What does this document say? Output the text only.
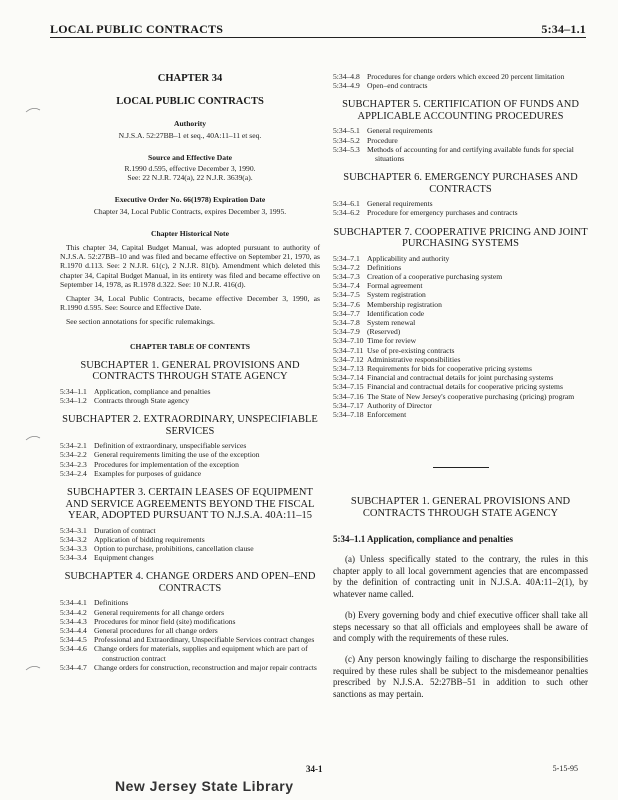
LOCAL PUBLIC CONTRACTS	5:34–1.1
CHAPTER 34
LOCAL PUBLIC CONTRACTS
Authority
N.J.S.A. 52:27BB–1 et seq., 40A:11–11 et seq.
Source and Effective Date
R.1990 d.595, effective December 3, 1990.
See: 22 N.J.R. 724(a), 22 N.J.R. 3639(a).
Executive Order No. 66(1978) Expiration Date
Chapter 34, Local Public Contracts, expires December 3, 1995.
Chapter Historical Note
This chapter 34, Capital Budget Manual, was adopted pursuant to authority of N.J.S.A. 52:27BB–10 and was filed and became effective on September 21, 1970, as R.1970 d.113. See: 2 N.J.R. 61(c), 2 N.J.R. 81(b). Amendment which deleted this chapter 34, Capital Budget Manual, in its entirety was filed and became effective on September 14, 1978, as R.1978 d.322. See: 10 N.J.R. 416(d).
Chapter 34, Local Public Contracts, became effective December 3, 1990, as R.1990 d.595. See: Source and Effective Date.
See section annotations for specific rulemakings.
CHAPTER TABLE OF CONTENTS
SUBCHAPTER 1. GENERAL PROVISIONS AND CONTRACTS THROUGH STATE AGENCY
5:34–1.1 Application, compliance and penalties
5:34–1.2 Contracts through State agency
SUBCHAPTER 2. EXTRAORDINARY, UNSPECIFIABLE SERVICES
5:34–2.1 Definition of extraordinary, unspecifiable services
5:34–2.2 General requirements limiting the use of the exception
5:34–2.3 Procedures for implementation of the exception
5:34–2.4 Examples for purposes of guidance
SUBCHAPTER 3. CERTAIN LEASES OF EQUIPMENT AND SERVICE AGREEMENTS BEYOND THE FISCAL YEAR, ADOPTED PURSUANT TO N.J.S.A. 40A:11–15
5:34–3.1 Duration of contract
5:34–3.2 Application of bidding requirements
5:34–3.3 Option to purchase, prohibitions, cancellation clause
5:34–3.4 Equipment changes
SUBCHAPTER 4. CHANGE ORDERS AND OPEN–END CONTRACTS
5:34–4.1 Definitions
5:34–4.2 General requirements for all change orders
5:34–4.3 Procedures for minor field (site) modifications
5:34–4.4 General procedures for all change orders
5:34–4.5 Professional and Extraordinary, Unspecifiable Services contract changes
5:34–4.6 Change orders for materials, supplies and equipment which are part of construction contract
5:34–4.7 Change orders for construction, reconstruction and major repair contracts
5:34–4.8 Procedures for change orders which exceed 20 percent limitation
5:34–4.9 Open–end contracts
SUBCHAPTER 5. CERTIFICATION OF FUNDS AND APPLICABLE ACCOUNTING PROCEDURES
5:34–5.1 General requirements
5:34–5.2 Procedure
5:34–5.3 Methods of accounting for and certifying available funds for special situations
SUBCHAPTER 6. EMERGENCY PURCHASES AND CONTRACTS
5:34–6.1 General requirements
5:34–6.2 Procedure for emergency purchases and contracts
SUBCHAPTER 7. COOPERATIVE PRICING AND JOINT PURCHASING SYSTEMS
5:34–7.1 Applicability and authority
5:34–7.2 Definitions
5:34–7.3 Creation of a cooperative purchasing system
5:34–7.4 Formal agreement
5:34–7.5 System registration
5:34–7.6 Membership registration
5:34–7.7 Identification code
5:34–7.8 System renewal
5:34–7.9 (Reserved)
5:34–7.10 Time for review
5:34–7.11 Use of pre-existing contracts
5:34–7.12 Administrative responsibilities
5:34–7.13 Requirements for bids for cooperative pricing systems
5:34–7.14 Financial and contractual details for joint purchasing systems
5:34–7.15 Financial and contractual details for cooperative pricing systems
5:34–7.16 The State of New Jersey's cooperative purchasing (pricing) program
5:34–7.17 Authority of Director
5:34–7.18 Enforcement
SUBCHAPTER 1. GENERAL PROVISIONS AND CONTRACTS THROUGH STATE AGENCY
5:34–1.1 Application, compliance and penalties
(a) Unless specifically stated to the contrary, the rules in this chapter apply to all local government agencies that are encompassed by the definition of contracting unit in N.J.S.A. 40A:11–2(1), by whatever name called.
(b) Every governing body and chief executive officer shall take all steps necessary so that all officials and employees shall be aware of and comply with the requirements of these rules.
(c) Any person knowingly failing to discharge the responsibilities required by these rules shall be subject to the misdemeanor penalties prescribed by N.J.S.A. 52:27BB–51 in addition to such other sanctions as may pertain.
34-1	5-15-95
New Jersey State Library
